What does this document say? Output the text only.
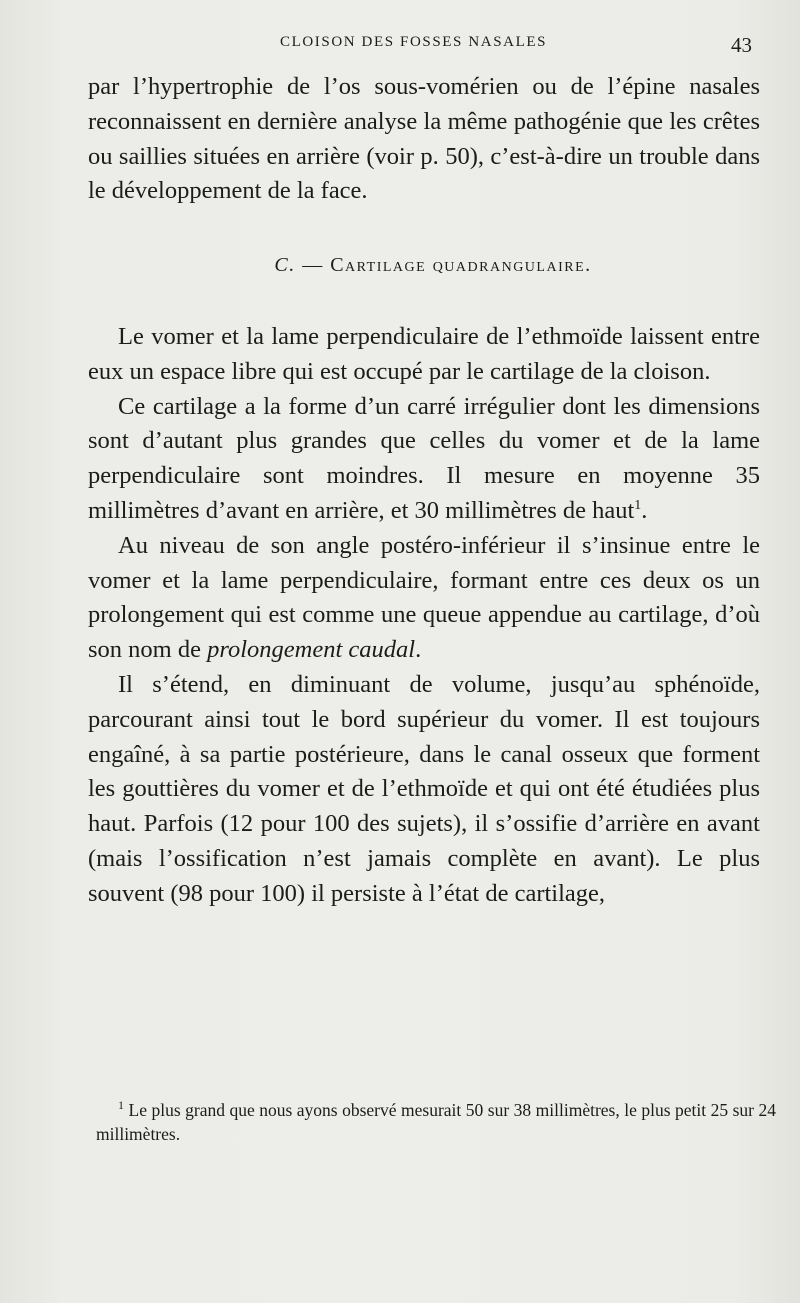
CLOISON DES FOSSES NASALES	43

par l’hypertrophie de l’os sous-vomérien ou de l’épine nasales reconnaissent en dernière analyse la même pathogénie que les crêtes ou saillies situées en arrière (voir p. 50), c’est-à-dire un trouble dans le développement de la face.

C. — Cartilage quadrangulaire.

Le vomer et la lame perpendiculaire de l’ethmoïde laissent entre eux un espace libre qui est occupé par le cartilage de la cloison.

Ce cartilage a la forme d’un carré irrégulier dont les dimensions sont d’autant plus grandes que celles du vomer et de la lame perpendiculaire sont moindres. Il mesure en moyenne 35 millimètres d’avant en arrière, et 30 millimètres de haut$^1$.

Au niveau de son angle postéro-inférieur il s’insinue entre le vomer et la lame perpendiculaire, formant entre ces deux os un prolongement qui est comme une queue appendue au cartilage, d’où son nom de prolongement caudal.

Il s’étend, en diminuant de volume, jusqu’au sphénoïde, parcourant ainsi tout le bord supérieur du vomer. Il est toujours engaîné, à sa partie postérieure, dans le canal osseux que forment les gouttières du vomer et de l’ethmoïde et qui ont été étudiées plus haut. Parfois (12 pour 100 des sujets), il s’ossifie d’arrière en avant (mais l’ossification n’est jamais complète en avant). Le plus souvent (98 pour 100) il persiste à l’état de cartilage,

$^1$ Le plus grand que nous ayons observé mesurait 50 sur 38 millimètres, le plus petit 25 sur 24 millimètres.
